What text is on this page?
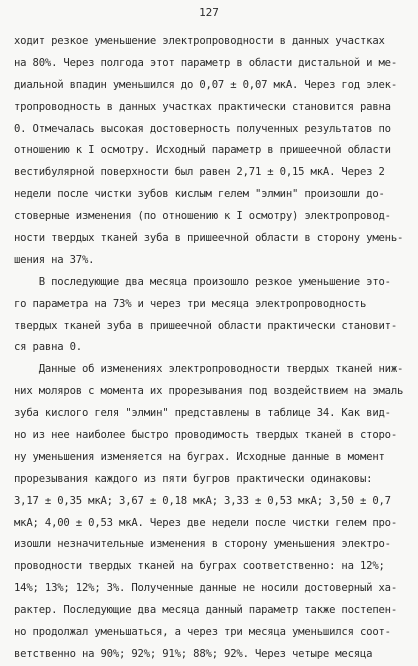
127
ходит резкое уменьшение электропроводности в данных участках
на 80%. Через полгода этот параметр в области дистальной и ме-
диальной впадин уменьшился до 0,07 ± 0,07 мкА. Через год элек-
тропроводность в данных участках практически становится равна
0. Отмечалась высокая достоверность полученных результатов по
отношению к I осмотру. Исходный параметр в пришеечной области
вестибулярной поверхности был равен 2,71 ± 0,15 мкА. Через 2
недели после чистки зубов кислым гелем "элмин" произошли до-
стоверные изменения (по отношению к I осмотру) электропровод-
ности твердых тканей зуба в пришеечной области в сторону умень-
шения на 37%.
В последующие два месяца произошло резкое уменьшение это-
го параметра на 73% и через три месяца электропроводность
твердых тканей зуба в пришеечной области практически становит-
ся равна 0.
Данные об изменениях электропроводности твердых тканей ниж-
них моляров с момента их прорезывания под воздействием на эмаль
зуба кислого геля "элмин" представлены в таблице 34. Как вид-
но из нее наиболее быстро проводимость твердых тканей в сторо-
ну уменьшения изменяется на буграх. Исходные данные в момент
прорезывания каждого из пяти бугров практически одинаковы:
3,17 ± 0,35 мкА; 3,67 ± 0,18 мкА; 3,33 ± 0,53 мкА; 3,50 ± 0,7
мкА; 4,00 ± 0,53 мкА. Через две недели после чистки гелем про-
изошли незначительные изменения в сторону уменьшения электро-
проводности твердых тканей на буграх соответственно: на 12%;
14%; 13%; 12%; 3%. Полученные данные не носили достоверный ха-
рактер. Последующие два месяца данный параметр также постепен-
но продолжал уменьшаться, а через три месяца уменьшился соот-
ветственно на 90%; 92%; 91%; 88%; 92%. Через четыре месяца
